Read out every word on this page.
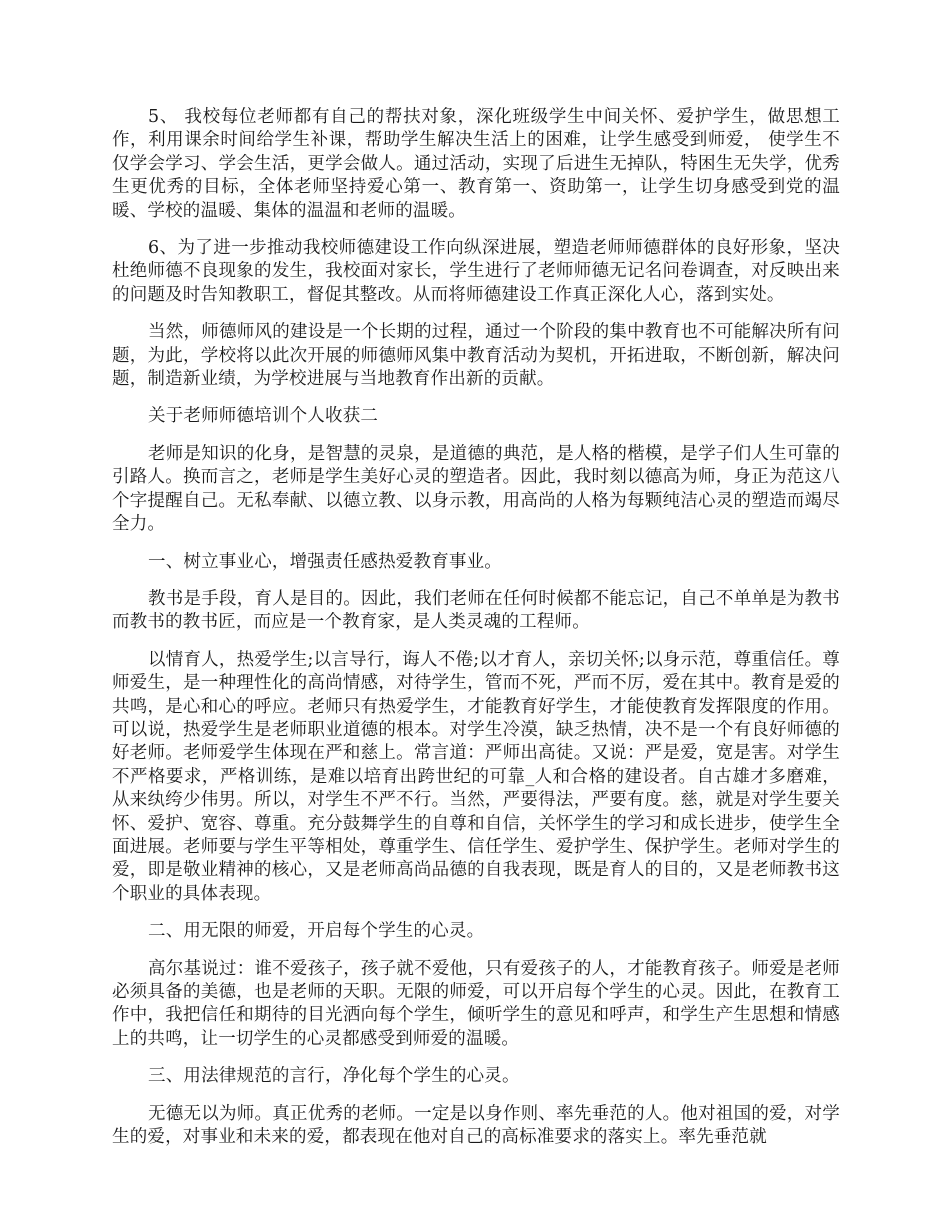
5、 我校每位老师都有自己的帮扶对象，深化班级学生中间关怀、爱护学生，做思想工作，利用课余时间给学生补课，帮助学生解决生活上的困难，让学生感受到师爱， 使学生不仅学会学习、学会生活，更学会做人。通过活动，实现了后进生无掉队，特困生无失学，优秀生更优秀的目标，全体老师坚持爱心第一、教育第一、资助第一，让学生切身感受到党的温暖、学校的温暖、集体的温温和老师的温暖。

6、为了进一步推动我校师德建设工作向纵深进展，塑造老师师德群体的良好形象，坚决杜绝师德不良现象的发生，我校面对家长，学生进行了老师师德无记名问卷调查，对反映出来的问题及时告知教职工，督促其整改。从而将师德建设工作真正深化人心，落到实处。

当然，师德师风的建设是一个长期的过程，通过一个阶段的集中教育也不可能解决所有问题，为此，学校将以此次开展的师德师风集中教育活动为契机，开拓进取，不断创新，解决问题，制造新业绩，为学校进展与当地教育作出新的贡献。

关于老师师德培训个人收获二

老师是知识的化身，是智慧的灵泉，是道德的典范，是人格的楷模，是学子们人生可靠的引路人。换而言之，老师是学生美好心灵的塑造者。因此，我时刻以德高为师，身正为范这八个字提醒自己。无私奉献、以德立教、以身示教，用高尚的人格为每颗纯洁心灵的塑造而竭尽全力。

一、树立事业心，增强责任感热爱教育事业。

教书是手段，育人是目的。因此，我们老师在任何时候都不能忘记，自己不单单是为教书而教书的教书匠，而应是一个教育家，是人类灵魂的工程师。

以情育人，热爱学生;以言导行，诲人不倦;以才育人，亲切关怀;以身示范，尊重信任。尊师爱生，是一种理性化的高尚情感，对待学生，管而不死，严而不厉，爱在其中。教育是爱的共鸣，是心和心的呼应。老师只有热爱学生，才能教育好学生，才能使教育发挥限度的作用。可以说，热爱学生是老师职业道德的根本。对学生冷漠，缺乏热情，决不是一个有良好师德的好老师。老师爱学生体现在严和慈上。常言道：严师出高徒。又说：严是爱，宽是害。对学生不严格要求，严格训练，是难以培育出跨世纪的可靠_人和合格的建设者。自古雄才多磨难，从来纨绔少伟男。所以，对学生不严不行。当然，严要得法，严要有度。慈，就是对学生要关怀、爱护、宽容、尊重。充分鼓舞学生的自尊和自信，关怀学生的学习和成长进步，使学生全面进展。老师要与学生平等相处，尊重学生、信任学生、爱护学生、保护学生。老师对学生的爱，即是敬业精神的核心，又是老师高尚品德的自我表现，既是育人的目的，又是老师教书这个职业的具体表现。

二、用无限的师爱，开启每个学生的心灵。

高尔基说过：谁不爱孩子，孩子就不爱他，只有爱孩子的人，才能教育孩子。师爱是老师必须具备的美德，也是老师的天职。无限的师爱，可以开启每个学生的心灵。因此，在教育工作中，我把信任和期待的目光洒向每个学生，倾听学生的意见和呼声，和学生产生思想和情感上的共鸣，让一切学生的心灵都感受到师爱的温暖。

三、用法律规范的言行，净化每个学生的心灵。

无德无以为师。真正优秀的老师。一定是以身作则、率先垂范的人。他对祖国的爱，对学生的爱，对事业和未来的爱，都表现在他对自己的高标准要求的落实上。率先垂范就
